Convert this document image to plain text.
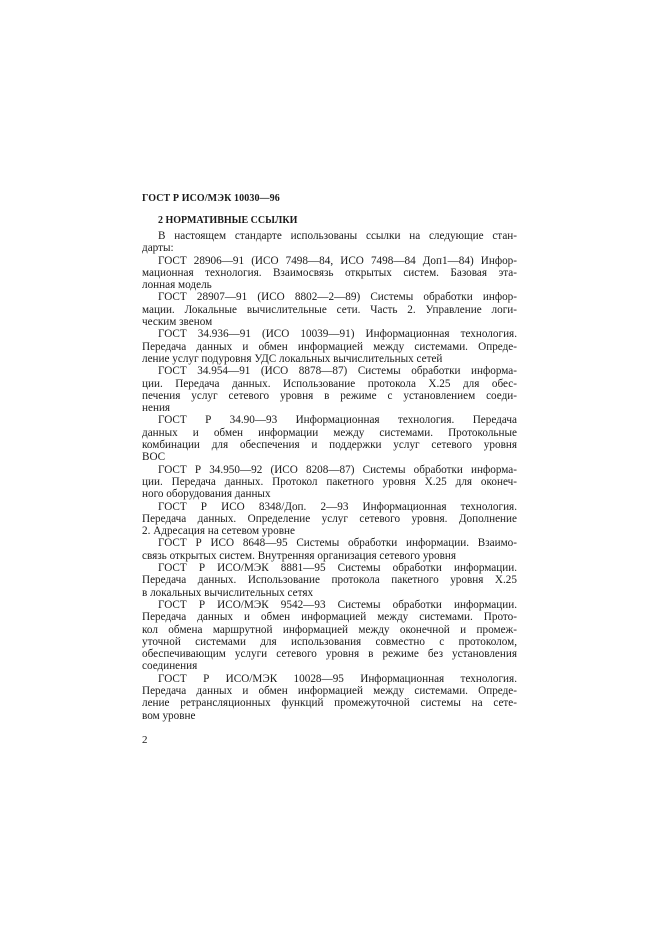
ГОСТ Р ИСО/МЭК 10030—96
2 НОРМАТИВНЫЕ ССЫЛКИ
В настоящем стандарте использованы ссылки на следующие стан-
дарты:
ГОСТ 28906—91 (ИСО 7498—84, ИСО 7498—84 Доп1—84) Инфор-
мационная технология. Взаимосвязь открытых систем. Базовая эта-
лонная модель
ГОСТ 28907—91 (ИСО 8802—2—89) Системы обработки инфор-
мации. Локальные вычислительные сети. Часть 2. Управление логи-
ческим звеном
ГОСТ 34.936—91 (ИСО 10039—91) Информационная технология.
Передача данных и обмен информацией между системами. Опреде-
ление услуг подуровня УДС локальных вычислительных сетей
ГОСТ 34.954—91 (ИСО 8878—87) Системы обработки информа-
ции. Передача данных. Использование протокола Х.25 для обес-
печения услуг сетевого уровня в режиме с установлением соеди-
нения
ГОСТ Р 34.90—93 Информационная технология. Передача
данных и обмен информации между системами. Протокольные
комбинации для обеспечения и поддержки услуг сетевого уровня
ВОС
ГОСТ Р 34.950—92 (ИСО 8208—87) Системы обработки информа-
ции. Передача данных. Протокол пакетного уровня Х.25 для оконеч-
ного оборудования данных
ГОСТ Р ИСО 8348/Доп. 2—93 Информационная технология.
Передача данных. Определение услуг сетевого уровня. Дополнение
2. Адресация на сетевом уровне
ГОСТ Р ИСО 8648—95 Системы обработки информации. Взаимо-
связь открытых систем. Внутренняя организация сетевого уровня
ГОСТ Р ИСО/МЭК 8881—95 Системы обработки информации.
Передача данных. Использование протокола пакетного уровня Х.25
в локальных вычислительных сетях
ГОСТ Р ИСО/МЭК 9542—93 Системы обработки информации.
Передача данных и обмен информацией между системами. Прото-
кол обмена маршрутной информацией между оконечной и промеж-
уточной системами для использования совместно с протоколом,
обеспечивающим услуги сетевого уровня в режиме без установления
соединения
ГОСТ Р ИСО/МЭК 10028—95 Информационная технология.
Передача данных и обмен информацией между системами. Опреде-
ление ретрансляционных функций промежуточной системы на сете-
вом уровне
2
